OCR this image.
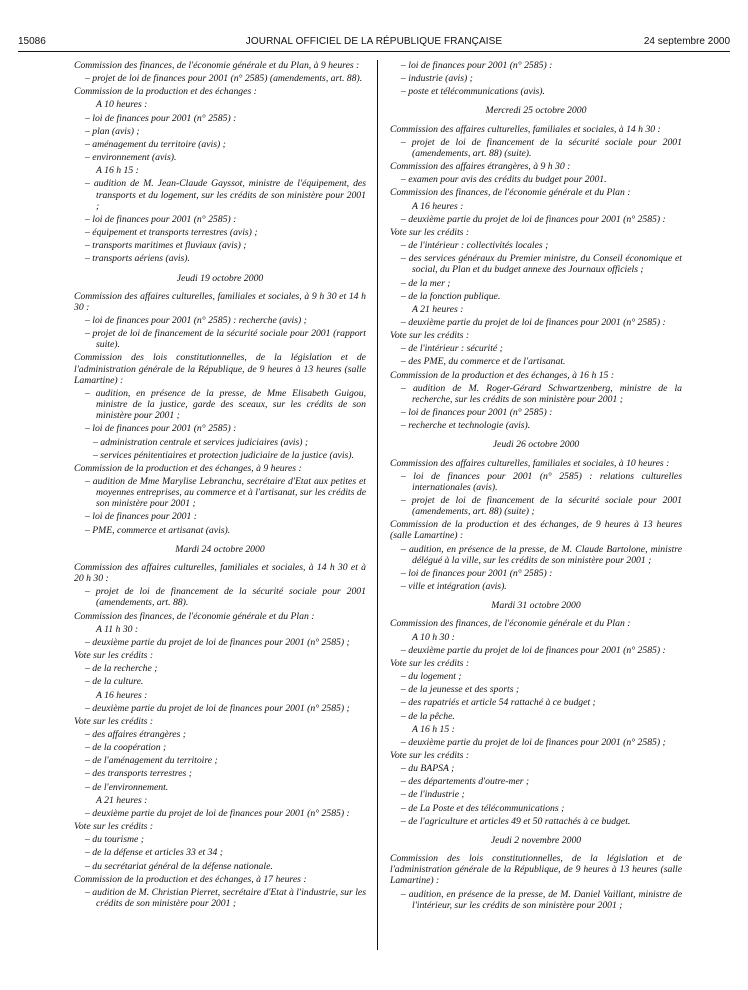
15086	JOURNAL OFFICIEL DE LA RÉPUBLIQUE FRANÇAISE	24 septembre 2000

Commission des finances, de l'économie générale et du Plan, à 9 heures :

– projet de loi de finances pour 2001 (n° 2585) (amendements, art. 88).

Commission de la production et des échanges :

A 10 heures :

– loi de finances pour 2001 (n° 2585) :

– plan (avis) ;

– aménagement du territoire (avis) ;

– environnement (avis).

A 16 h 15 :

– audition de M. Jean-Claude Gayssot, ministre de l'équipement, des transports et du logement, sur les crédits de son ministère pour 2001 ;

– loi de finances pour 2001 (n° 2585) :

– équipement et transports terrestres (avis) ;

– transports maritimes et fluviaux (avis) ;

– transports aériens (avis).

Jeudi 19 octobre 2000

Commission des affaires culturelles, familiales et sociales, à 9 h 30 et 14 h 30 :

– loi de finances pour 2001 (n° 2585) : recherche (avis) ;

– projet de loi de financement de la sécurité sociale pour 2001 (rapport suite).

Commission des lois constitutionnelles, de la législation et de l'administration générale de la République, de 9 heures à 13 heures (salle Lamartine) :

– audition, en présence de la presse, de Mme Elisabeth Guigou, ministre de la justice, garde des sceaux, sur les crédits de son ministère pour 2001 ;

– loi de finances pour 2001 (n° 2585) :

– administration centrale et services judiciaires (avis) ;

– services pénitentiaires et protection judiciaire de la justice (avis).

Commission de la production et des échanges, à 9 heures :

– audition de Mme Marylise Lebranchu, secrétaire d'Etat aux petites et moyennes entreprises, au commerce et à l'artisanat, sur les crédits de son ministère pour 2001 ;

– loi de finances pour 2001 :

– PME, commerce et artisanat (avis).

Mardi 24 octobre 2000

Commission des affaires culturelles, familiales et sociales, à 14 h 30 et à 20 h 30 :

– projet de loi de financement de la sécurité sociale pour 2001 (amendements, art. 88).

Commission des finances, de l'économie générale et du Plan :

A 11 h 30 :

– deuxième partie du projet de loi de finances pour 2001 (n° 2585) ;

Vote sur les crédits :

– de la recherche ;

– de la culture.

A 16 heures :

– deuxième partie du projet de loi de finances pour 2001 (n° 2585) ;

Vote sur les crédits :

– des affaires étrangères ;

– de la coopération ;

– de l'aménagement du territoire ;

– des transports terrestres ;

– de l'environnement.

A 21 heures :

– deuxième partie du projet de loi de finances pour 2001 (n° 2585) :

Vote sur les crédits :

– du tourisme ;

– de la défense et articles 33 et 34 ;

– du secrétariat général de la défense nationale.

Commission de la production et des échanges, à 17 heures :

– audition de M. Christian Pierret, secrétaire d'Etat à l'industrie, sur les crédits de son ministère pour 2001 ;

– loi de finances pour 2001 (n° 2585) :

– industrie (avis) ;

– poste et télécommunications (avis).

Mercredi 25 octobre 2000

Commission des affaires culturelles, familiales et sociales, à 14 h 30 :

– projet de loi de financement de la sécurité sociale pour 2001 (amendements, art. 88) (suite).

Commission des affaires étrangères, à 9 h 30 :

– examen pour avis des crédits du budget pour 2001.

Commission des finances, de l'économie générale et du Plan :

A 16 heures :

– deuxième partie du projet de loi de finances pour 2001 (n° 2585) :

Vote sur les crédits :

– de l'intérieur : collectivités locales ;

– des services généraux du Premier ministre, du Conseil économique et social, du Plan et du budget annexe des Journaux officiels ;

– de la mer ;

– de la fonction publique.

A 21 heures :

– deuxième partie du projet de loi de finances pour 2001 (n° 2585) :

Vote sur les crédits :

– de l'intérieur : sécurité ;

– des PME, du commerce et de l'artisanat.

Commission de la production et des échanges, à 16 h 15 :

– audition de M. Roger-Gérard Schwartzenberg, ministre de la recherche, sur les crédits de son ministère pour 2001 ;

– loi de finances pour 2001 (n° 2585) :

– recherche et technologie (avis).

Jeudi 26 octobre 2000

Commission des affaires culturelles, familiales et sociales, à 10 heures :

– loi de finances pour 2001 (n° 2585) : relations culturelles internationales (avis).

– projet de loi de financement de la sécurité sociale pour 2001 (amendements, art. 88) (suite) ;

Commission de la production et des échanges, de 9 heures à 13 heures (salle Lamartine) :

– audition, en présence de la presse, de M. Claude Bartolone, ministre délégué à la ville, sur les crédits de son ministère pour 2001 ;

– loi de finances pour 2001 (n° 2585) :

– ville et intégration (avis).

Mardi 31 octobre 2000

Commission des finances, de l'économie générale et du Plan :

A 10 h 30 :

– deuxième partie du projet de loi de finances pour 2001 (n° 2585) :

Vote sur les crédits :

– du logement ;

– de la jeunesse et des sports ;

– des rapatriés et article 54 rattaché à ce budget ;

– de la pêche.

A 16 h 15 :

– deuxième partie du projet de loi de finances pour 2001 (n° 2585) ;

Vote sur les crédits :

– du BAPSA ;

– des départements d'outre-mer ;

– de l'industrie ;

– de La Poste et des télécommunications ;

– de l'agriculture et articles 49 et 50 rattachés à ce budget.

Jeudi 2 novembre 2000

Commission des lois constitutionnelles, de la législation et de l'administration générale de la République, de 9 heures à 13 heures (salle Lamartine) :

– audition, en présence de la presse, de M. Daniel Vaillant, ministre de l'intérieur, sur les crédits de son ministère pour 2001 ;
